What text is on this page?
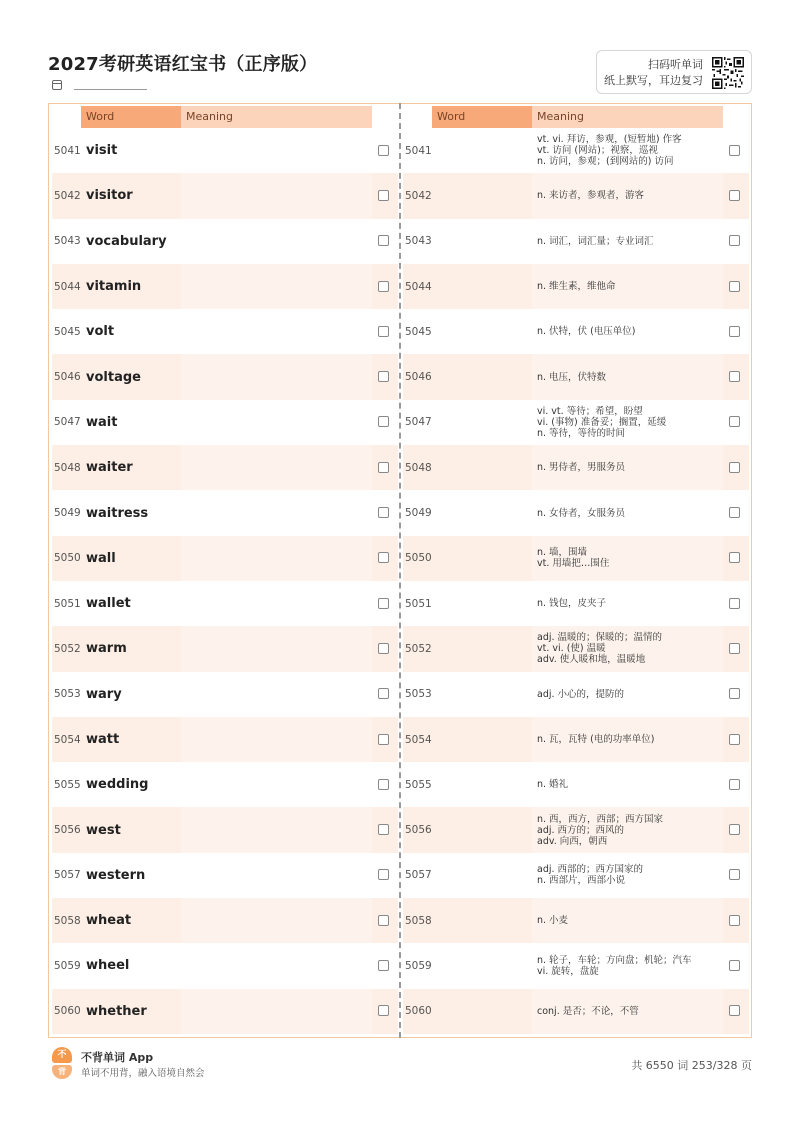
2027考研英语红宝书（正序版）	扫码听单词
纸上默写，耳边复习
Word	Meaning
5041 visit
5042 visitor
5043 vocabulary
5044 vitamin
5045 volt
5046 voltage
5047 wait
5048 waiter
5049 waitress
5050 wall
5051 wallet
5052 warm
5053 wary
5054 watt
5055 wedding
5056 west
5057 western
5058 wheat
5059 wheel
5060 whether
Word	Meaning
5041
vt. vi. 拜访，参观，(短暂地) 作客
vt. 访问 (网站)；视察，巡视
n. 访问，参观；(到网站的) 访问
5042	n. 来访者，参观者，游客
5043	n. 词汇，词汇量；专业词汇
5044	n. 维生素，维他命
5045	n. 伏特，伏 (电压单位)
5046	n. 电压，伏特数
5047
vi. vt. 等待；希望，盼望
vi. (事物) 准备妥；搁置，延缓
n. 等待，等待的时间
5048	n. 男侍者，男服务员
5049	n. 女侍者，女服务员
5050	n. 墙，围墙
vt. 用墙把…围住
5051	n. 钱包，皮夹子
5052
adj. 温暖的；保暖的；温情的
vt. vi. (使) 温暖
adv. 使人暖和地，温暖地
5053	adj. 小心的，提防的
5054	n. 瓦，瓦特 (电的功率单位)
5055	n. 婚礼
5056
n. 西，西方，西部；西方国家
adj. 西方的；西风的
adv. 向西，朝西
5057	adj. 西部的；西方国家的
n. 西部片，西部小说
5058	n. 小麦
5059	n. 轮子，车轮；方向盘；机轮；汽车
vi. 旋转，盘旋
5060	conj. 是否；不论，不管
不
背
不背单词 App
单词不用背，融入语境自然会
共 6550 词 253/328 页
